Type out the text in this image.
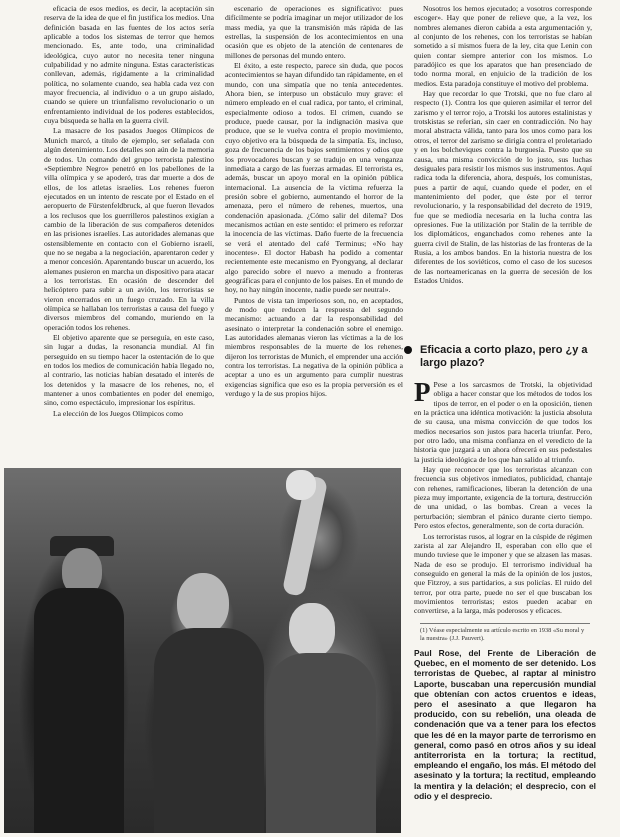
eficacia de esos medios, es decir, la aceptación sin reserva de la idea de que el fin justifica los medios. Una definición basada en las fuentes de los actos sería aplicable a todos los sistemas de terror que hemos mencionado. Es, ante todo, una criminalidad ideológica, cuyo autor no necesita tener ninguna culpabilidad y no admite ninguna. Estas características conllevan, además, rigidamente a la criminalidad política, no solamente cuando, sea habla cada vez con mayor frecuencia, al individuo o a un grupo aislado, cuando se quiere un triunfalismo revolucionario o un enfrentamiento individual de los poderes establecidos, cuya búsqueda se halla en la guerra civil.

La masacre de los pasados Juegos Olímpicos de Munich marcó, a título de ejemplo, ser señalada con algún detenimiento. Los detalles son aún de la memoria de todos. Un comando del grupo terrorista palestino «Septiembre Negro» penetró en los pabellones de la villa olímpica y se apoderó, tras dar muerte a dos de ellos, de los atletas israelíes. Los rehenes fueron ejecutados en un intento de rescate por el Estado en el aeropuerto de Fürstenfeldbruck, al que fueron llevados a los reclusos que los guerrilleros palestinos exigían a cambio de la liberación de sus compañeros detenidos en las prisiones israelíes. Las autoridades alemanas que ostensiblemente en contacto con el Gobierno israelí, que no se negaba a la negociación, aparentaron ceder y a menor concesión. Aparentando buscar un acuerdo, los alemanes pusieron en marcha un dispositivo para atacar a los terroristas. En ocasión de descender del helicóptero para subir a un avión, los terroristas se vieron encerrados en un fuego cruzado. En la villa olímpica se hallaban los terroristas a causa del fuego y diversos miembros del comando, muriendo en la operación todos los rehenes.

El objetivo aparente que se perseguía, en este caso, sin lugar a dudas, la resonancia mundial. Al fin perseguido en su tiempo hacer la ostentación de lo que en todos los medios de comunicación había llegado no, al contrario, las noticias habían desatado el interés de los detenidos y la masacre de los rehenes, no, el mantener a unos combatientes en poder del enemigo, sino, como espectáculo, impresionar los espíritus.

La elección de los Juegos Olímpicos como

escenario de operaciones es significativo: pues difícilmente se podría imaginar un mejor utilizador de los mass media, ya que la transmisión más rápida de las estrellas, la suspensión de los acontecimientos en una ocasión que es objeto de la atención de centenares de millones de personas del mundo entero.

El éxito, a este respecto, parece sin duda, que pocos acontecimientos se hayan difundido tan rápidamente, en el mundo, con una simpatía que no tenía antecedentes. Ahora bien, se interpuso un obstáculo muy grave: el número empleado en el cual radica, por tanto, el criminal, especialmente odioso a todos. El crimen, cuando se produce, puede causar, por la indignación masiva que produce, que se le vuelva contra el propio movimiento, cuyo objetivo era la búsqueda de la simpatía. Es, incluso, goza de frecuencia de los bajos sentimientos y odios que los provocadores buscan y se tradujo en una venganza inmediata a cargo de las fuerzas armadas. El terrorista es, además, buscar un apoyo moral en la opinión pública internacional. La ausencia de la víctima refuerza la presión sobre el gobierno, aumentando el horror de la amenaza, pero el número de rehenes, muertos, una condenación apasionada. ¿Cómo salir del dilema? Dos mecanismos actúan en este sentido: el primero es reforzar la inocencia de las víctimas. Daño fuerte de la frecuencia se verá el atentado del café Terminus; «No hay inocentes». El doctor Habash ha podido a comentar recientemente este mecanismo en Pyongyang, al declarar algo parecido sobre el nuevo a menudo a fronteras geográficas para el conjunto de los paises. En el mundo de hoy, no hay ningún inocente, nadie puede ser neutral».

Puntos de vista tan imperiosos son, no, en aceptados, de modo que reducen la respuesta del segundo mecanismo: actuando a dar la responsabilidad del asesinato o interpretar la condenación sobre el enemigo. Las autoridades alemanas vieron las víctimas a la de los miembros responsables de la muerte de los rehenes, dijeron los terroristas de Munich, el emprender una acción contra los terroristas. La negativa de la opinión pública a aceptar a uno es un argumento para cumplir nuestras exigencias significa que eso es la propia perversión es el verdugo y la de sus propios hijos.

Nosotros los hemos ejecutado; a vosotros corresponde escoger». Hay que poner de relieve que, a la vez, los nombres alemanes dieron cabida a esta argumentación y, al conjunto de los rehenes, con los terroristas se habían sometido a sí mismos fuera de la ley, cita que Lenin con quien contar siempre anterior con los mismos. Lo paradójico es que los aparatos que han presenciado de todo norma moral, en enjuicio de la tradición de los medios. Esta paradoja constituye el motivo del problema.

Hay que recordar lo que Trotski, que no fue claro al respecto (1). Contra los que quieren asimilar el terror del zarismo y el terror rojo, a Trotski los autores estalinistas y trotskistas se referían, sin caer en contradicción. No hay moral abstracta válida, tanto para los unos como para los otros, el terror del zarismo se dirigía contra el proletariado y en los bolcheviques contra la burguesía. Puesto que su causa, una misma convicción de lo justo, sus luchas desiguales para resistir los mismos sus instrumentos. Aquí radica toda la diferencia, ahora, después, los comunistas, pues a partir de aquí, cuando quede el poder, en el mantenimiento del poder, que éste por el terror revolucionario, y la responsabilidad del decreto de 1919, fue que se mediodía necesaria en la lucha contra las opresiones. Fue la utilización por Stalin de la terrible de los diplomáticos, enganchados como rehenes ante la guerra civil de Stalin, de las historias de las fronteras de la Rusia, a los ambos bandos. En la historia nuestra de los diferentes de los soviéticos, como el caso de los sucesos de las norteamericanas en la guerra de secesión de los Estados Unidos.

Eficacia a corto plazo, pero ¿y a largo plazo?

P Pese a los sarcasmos de Trotski, la objetividad obliga a hacer constar que los métodos de todos los tipos de terror, en el poder o en la oposición, tienen en la práctica una idéntica motivación: la justicia absoluta de su causa, una misma convicción de que todos los medios necesarios son justos para hacerla triunfar. Pero, por otro lado, una misma confianza en el veredicto de la historia que juzgará a un ahora ofrecerá en sus pedestales la justicia ideológica de los que han salido al triunfo.

Hay que reconocer que los terroristas alcanzan con frecuencia sus objetivos inmediatos, publicidad, chantaje con rehenes, ramificaciones, liberan la detención de una pieza muy importante, exigencia de la tortura, destrucción de una unidad, o las bombas. Crean a veces la perturbación; siembran el pánico durante cierto tiempo. Pero estos efectos, generalmente, son de corta duración.

Los terroristas rusos, al lograr en la cúspide de régimen zarista al zar Alejandro II, esperaban con ello que el mundo tuviese que le imponer y que se alzasen las masas. Nada de eso se produjo. El terrorismo individual ha conseguido en general la más de la opinión de los justos, que Fitzroy, a sus partidarios, a sus policías. El ruido del terror, por otra parte, puede no ser el que buscaban los movimientos terroristas; estos pueden acabar en convertirse, a la larga, más poderosos y eficaces.

(1) Véase especialmente su artículo escrito en 1938 «Su moral y la nuestra» (J.J. Pauvert).
Paul Rose, del Frente de Liberación de Quebec, en el momento de ser detenido. Los terroristas de Quebec, al raptar al ministro Laporte, buscaban una repercusión mundial que obtenían con actos cruentos e ideas, pero el asesinato a que llegaron ha producido, con su rebelión, una oleada de condenación que va a tener para los efectos que les dé en la mayor parte de terrorismo en general, como pasó en otros años y su ideal antiterrorista en la tortura; la rectitud, empleando el engaño, los más. El método del asesinato y la tortura; la rectitud, empleando la mentira y la delación; el desprecio, con el odio y el desprecio.
